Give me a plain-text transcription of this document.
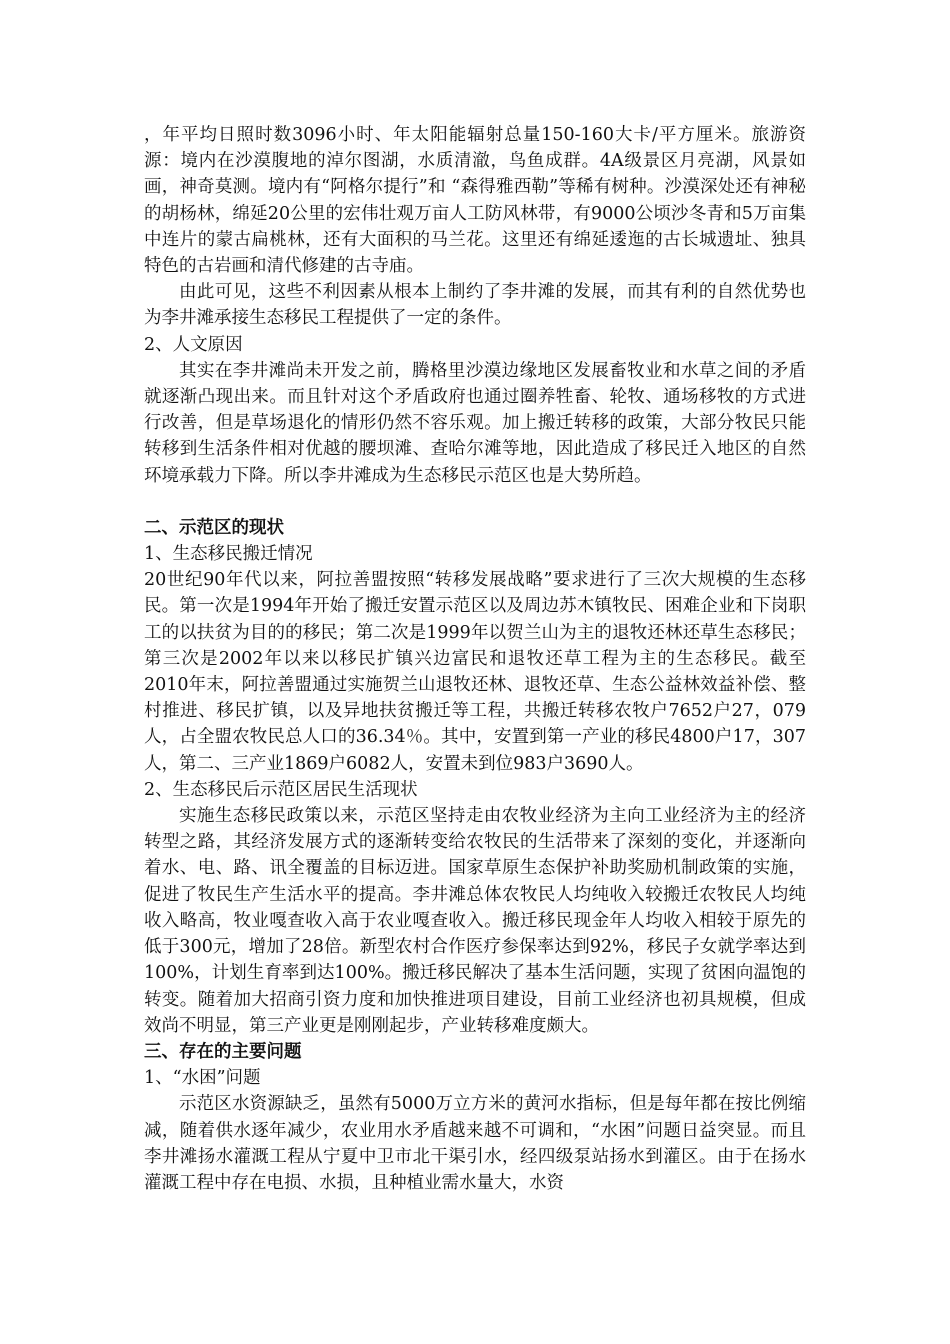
，年平均日照时数3096小时、年太阳能辐射总量150-160大卡/平方厘米。旅游资源：境内在沙漠腹地的淖尔图湖，水质清澈，鸟鱼成群。4A级景区月亮湖，风景如画，神奇莫测。境内有“阿格尔提行”和 “森得雅西勒”等稀有树种。沙漠深处还有神秘的胡杨林，绵延20公里的宏伟壮观万亩人工防风林带，有9000公顷沙冬青和5万亩集中连片的蒙古扁桃林，还有大面积的马兰花。这里还有绵延逶迤的古长城遗址、独具特色的古岩画和清代修建的古寺庙。

由此可见，这些不利因素从根本上制约了李井滩的发展，而其有利的自然优势也为李井滩承接生态移民工程提供了一定的条件。

2、人文原因

其实在李井滩尚未开发之前，腾格里沙漠边缘地区发展畜牧业和水草之间的矛盾就逐渐凸现出来。而且针对这个矛盾政府也通过圈养牲畜、轮牧、通场移牧的方式进行改善，但是草场退化的情形仍然不容乐观。加上搬迁转移的政策，大部分牧民只能转移到生活条件相对优越的腰坝滩、查哈尔滩等地，因此造成了移民迁入地区的自然环境承载力下降。所以李井滩成为生态移民示范区也是大势所趋。

二、示范区的现状

1、生态移民搬迁情况

20世纪90年代以来，阿拉善盟按照“转移发展战略”要求进行了三次大规模的生态移民。第一次是1994年开始了搬迁安置示范区以及周边苏木镇牧民、困难企业和下岗职工的以扶贫为目的的移民；第二次是1999年以贺兰山为主的退牧还林还草生态移民；第三次是2002年以来以移民扩镇兴边富民和退牧还草工程为主的生态移民。截至2010年末，阿拉善盟通过实施贺兰山退牧还林、退牧还草、生态公益林效益补偿、整村推进、移民扩镇，以及异地扶贫搬迁等工程，共搬迁转移农牧户7652户27，079人，占全盟农牧民总人口的36.34％。其中，安置到第一产业的移民4800户17，307人，第二、三产业1869户6082人，安置未到位983户3690人。

2、生态移民后示范区居民生活现状

实施生态移民政策以来，示范区坚持走由农牧业经济为主向工业经济为主的经济转型之路，其经济发展方式的逐渐转变给农牧民的生活带来了深刻的变化，并逐渐向着水、电、路、讯全覆盖的目标迈进。国家草原生态保护补助奖励机制政策的实施，促进了牧民生产生活水平的提高。李井滩总体农牧民人均纯收入较搬迁农牧民人均纯收入略高，牧业嘎查收入高于农业嘎查收入。搬迁移民现金年人均收入相较于原先的低于300元，增加了28倍。新型农村合作医疗参保率达到92%，移民子女就学率达到100%，计划生育率到达100%。搬迁移民解决了基本生活问题，实现了贫困向温饱的转变。随着加大招商引资力度和加快推进项目建设，目前工业经济也初具规模，但成效尚不明显，第三产业更是刚刚起步，产业转移难度颇大。

三、存在的主要问题

1、“水困”问题

示范区水资源缺乏，虽然有5000万立方米的黄河水指标，但是每年都在按比例缩减，随着供水逐年减少，农业用水矛盾越来越不可调和，“水困”问题日益突显。而且李井滩扬水灌溉工程从宁夏中卫市北干渠引水，经四级泵站扬水到灌区。由于在扬水灌溉工程中存在电损、水损，且种植业需水量大，水资
